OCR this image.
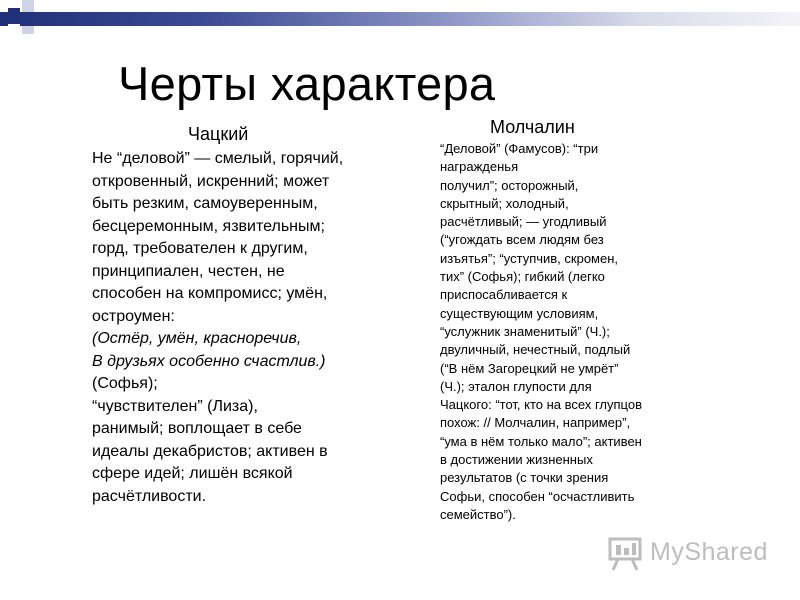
Черты характера
Чацкий	Молчалин
Не “деловой” — смелый, горячий,
откровенный, искренний; может
быть резким, самоуверенным,
бесцеремонным, язвительным;
горд, требователен к другим,
принципиален, честен, не
способен на компромисс; умён,
остроумен:
(Остёр, умён, красноречив,
В друзьях особенно счастлив.)
(Софья);
“чувствителен” (Лиза),
ранимый; воплощает в себе
идеалы декабристов; активен в
сфере идей; лишён всякой
расчётливости.
“Деловой” (Фамусов): “три
награжденья
получил”; осторожный,
скрытный; холодный,
расчётливый; — угодливый
(“угождать всем людям без
изъятья”; “уступчив, скромен,
тих” (Софья); гибкий (легко
приспосабливается к
существующим условиям,
“услужник знаменитый” (Ч.);
двуличный, нечестный, подлый
(“В нём Загорецкий не умрёт”
(Ч.); эталон глупости для
Чацкого: “тот, кто на всех глупцов
похож: // Молчалин, например”,
“ума в нём только мало”; активен
в достижении жизненных
результатов (с точки зрения
Софьи, способен “осчастливить
семейство”).
MyShared
